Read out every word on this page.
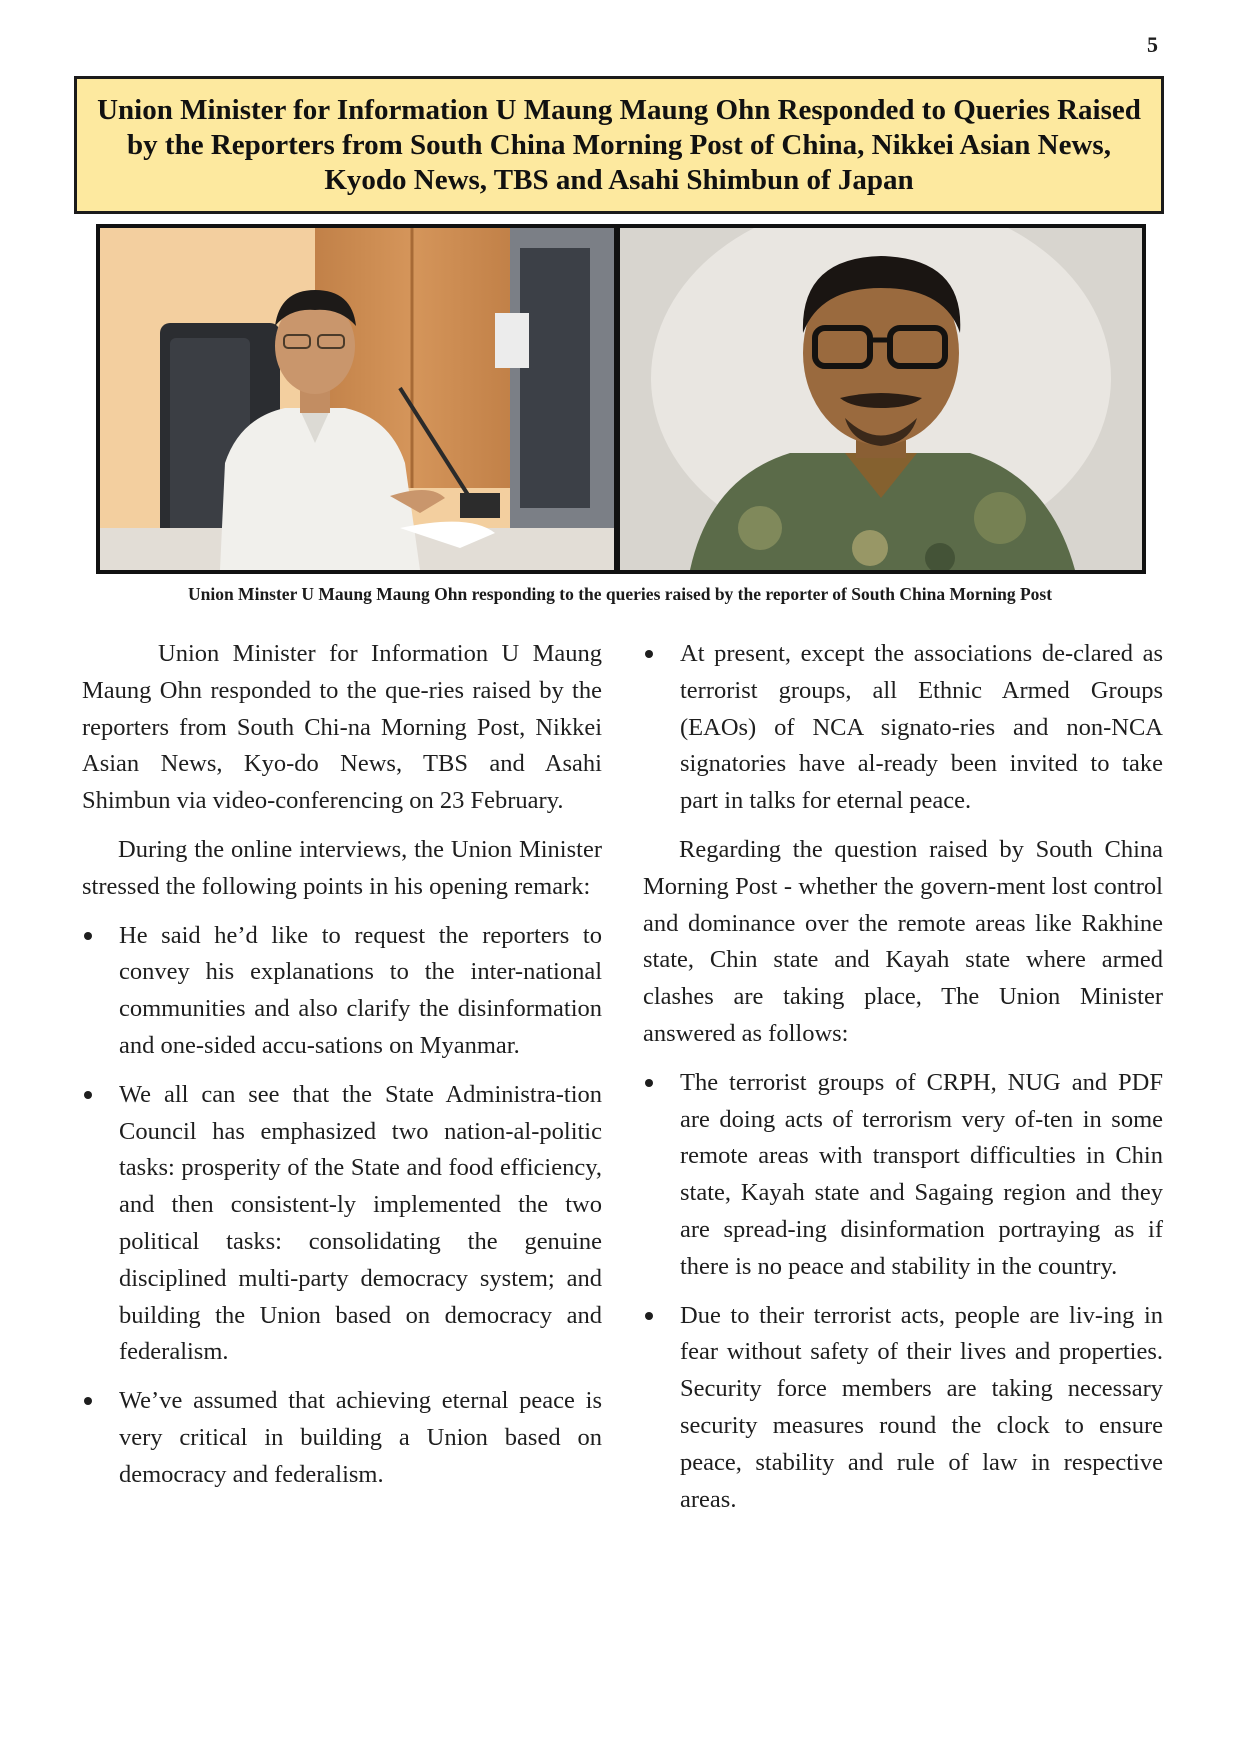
5
Union Minister for Information U Maung Maung Ohn Responded to Queries Raised by the Reporters from South China Morning Post of China, Nikkei Asian News, Kyodo News, TBS and Asahi Shimbun of Japan
Union Minster U Maung Maung Ohn responding to the queries raised by the reporter of South China Morning Post

Union Minister for Information U Maung Maung Ohn responded to the que-ries raised by the reporters from South Chi-na Morning Post, Nikkei Asian News, Kyo-do News, TBS and Asahi Shimbun via video-conferencing on 23 February.

During the online interviews, the Union Minister stressed the following points in his opening remark:

He said he’d like to request the reporters to convey his explanations to the inter-national communities and also clarify the disinformation and one-sided accu-sations on Myanmar.
We all can see that the State Administra-tion Council has emphasized two nation-al-politic tasks: prosperity of the State and food efficiency, and then consistent-ly implemented the two political tasks: consolidating the genuine disciplined multi-party democracy system; and building the Union based on democracy and federalism.
We’ve assumed that achieving eternal peace is very critical in building a Union based on democracy and federalism.
At present, except the associations de-clared as terrorist groups, all Ethnic Armed Groups (EAOs) of NCA signato-ries and non-NCA signatories have al-ready been invited to take part in talks for eternal peace.

Regarding the question raised by South China Morning Post - whether the govern-ment lost control and dominance over the remote areas like Rakhine state, Chin state and Kayah state where armed clashes are taking place, The Union Minister answered as follows:

The terrorist groups of CRPH, NUG and PDF are doing acts of terrorism very of-ten in some remote areas with transport difficulties in Chin state, Kayah state and Sagaing region and they are spread-ing disinformation portraying as if there is no peace and stability in the country.
Due to their terrorist acts, people are liv-ing in fear without safety of their lives and properties. Security force members are taking necessary security measures round the clock to ensure peace, stability and rule of law in respective areas.
